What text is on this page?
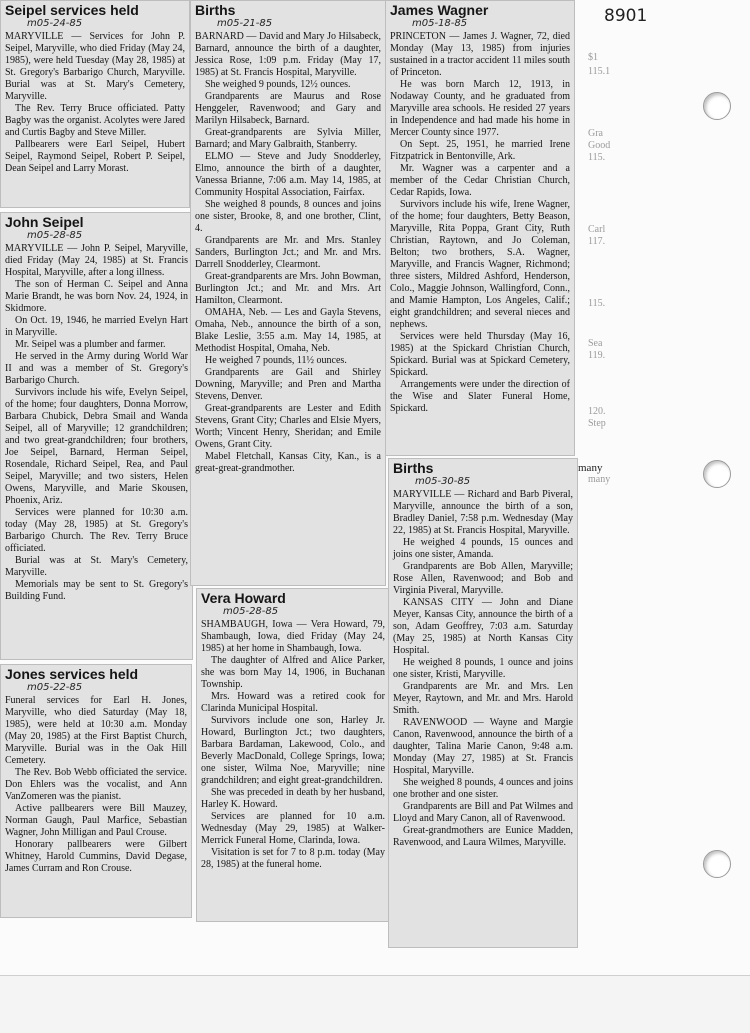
8901
$1
115.1
Gra
Good
115.
Carl
117.
115.
Sea
119.
120.
Step
many
Seipel services held
m05-24-85

MARYVILLE — Services for John P. Seipel, Maryville, who died Friday (May 24, 1985), were held Tuesday (May 28, 1985) at St. Gregory's Barbarigo Church, Maryville. Burial was at St. Mary's Cemetery, Maryville.

The Rev. Terry Bruce officiated. Patty Bagby was the organist. Acolytes were Jared and Curtis Bagby and Steve Miller.

Pallbearers were Earl Seipel, Hubert Seipel, Raymond Seipel, Robert P. Seipel, Dean Seipel and Larry Morast.

John Seipel
m05-28-85

MARYVILLE — John P. Seipel, Maryville, died Friday (May 24, 1985) at St. Francis Hospital, Maryville, after a long illness.

The son of Herman C. Seipel and Anna Marie Brandt, he was born Nov. 24, 1924, in Skidmore.

On Oct. 19, 1946, he married Evelyn Hart in Maryville.

Mr. Seipel was a plumber and farmer.

He served in the Army during World War II and was a member of St. Gregory's Barbarigo Church.

Survivors include his wife, Evelyn Seipel, of the home; four daughters, Donna Morrow, Barbara Chubick, Debra Smail and Wanda Seipel, all of Maryville; 12 grandchildren; and two great-grandchildren; four brothers, Joe Seipel, Barnard, Herman Seipel, Rosendale, Richard Seipel, Rea, and Paul Seipel, Maryville; and two sisters, Helen Owens, Maryville, and Marie Skousen, Phoenix, Ariz.

Services were planned for 10:30 a.m. today (May 28, 1985) at St. Gregory's Barbarigo Church. The Rev. Terry Bruce officiated.

Burial was at St. Mary's Cemetery, Maryville.

Memorials may be sent to St. Gregory's Building Fund.

Jones services held
m05-22-85

Funeral services for Earl H. Jones, Maryville, who died Saturday (May 18, 1985), were held at 10:30 a.m. Monday (May 20, 1985) at the First Baptist Church, Maryville. Burial was in the Oak Hill Cemetery.

The Rev. Bob Webb officiated the service. Don Ehlers was the vocalist, and Ann VanZomeren was the pianist.

Active pallbearers were Bill Mauzey, Norman Gaugh, Paul Marfice, Sebastian Wagner, John Milligan and Paul Crouse.

Honorary pallbearers were Gilbert Whitney, Harold Cummins, David Degase, James Curram and Ron Crouse.

Births
m05-21-85

BARNARD — David and Mary Jo Hilsabeck, Barnard, announce the birth of a daughter, Jessica Rose, 1:09 p.m. Friday (May 17, 1985) at St. Francis Hospital, Maryville.

She weighed 9 pounds, 12½ ounces.

Grandparents are Maurus and Rose Henggeler, Ravenwood; and Gary and Marilyn Hilsabeck, Barnard.

Great-grandparents are Sylvia Miller, Barnard; and Mary Galbraith, Stanberry.

ELMO — Steve and Judy Snodderley, Elmo, announce the birth of a daughter, Vanessa Brianne, 7:06 a.m. May 14, 1985, at Community Hospital Association, Fairfax.

She weighed 8 pounds, 8 ounces and joins one sister, Brooke, 8, and one brother, Clint, 4.

Grandparents are Mr. and Mrs. Stanley Sanders, Burlington Jct.; and Mr. and Mrs. Darrell Snodderley, Clearmont.

Great-grandparents are Mrs. John Bowman, Burlington Jct.; and Mr. and Mrs. Art Hamilton, Clearmont.

OMAHA, Neb. — Les and Gayla Stevens, Omaha, Neb., announce the birth of a son, Blake Leslie, 3:55 a.m. May 14, 1985, at Methodist Hospital, Omaha, Neb.

He weighed 7 pounds, 11½ ounces.

Grandparents are Gail and Shirley Downing, Maryville; and Pren and Martha Stevens, Denver.

Great-grandparents are Lester and Edith Stevens, Grant City; Charles and Elsie Myers, Worth; Vincent Henry, Sheridan; and Emile Owens, Grant City.

Mabel Fletchall, Kansas City, Kan., is a great-great-grandmother.

Vera Howard
m05-28-85

SHAMBAUGH, Iowa — Vera Howard, 79, Shambaugh, Iowa, died Friday (May 24, 1985) at her home in Shambaugh, Iowa.

The daughter of Alfred and Alice Parker, she was born May 14, 1906, in Buchanan Township.

Mrs. Howard was a retired cook for Clarinda Municipal Hospital.

Survivors include one son, Harley Jr. Howard, Burlington Jct.; two daughters, Barbara Bardaman, Lakewood, Colo., and Beverly MacDonald, College Springs, Iowa; one sister, Wilma Noe, Maryville; nine grandchildren; and eight great-grandchildren.

She was preceded in death by her husband, Harley K. Howard.

Services are planned for 10 a.m. Wednesday (May 29, 1985) at Walker-Merrick Funeral Home, Clarinda, Iowa.

Visitation is set for 7 to 8 p.m. today (May 28, 1985) at the funeral home.

James Wagner
m05-18-85

PRINCETON — James J. Wagner, 72, died Monday (May 13, 1985) from injuries sustained in a tractor accident 11 miles south of Princeton.

He was born March 12, 1913, in Nodaway County, and he graduated from Maryville area schools. He resided 27 years in Independence and had made his home in Mercer County since 1977.

On Sept. 25, 1951, he married Irene Fitzpatrick in Bentonville, Ark.

Mr. Wagner was a carpenter and a member of the Cedar Christian Church, Cedar Rapids, Iowa.

Survivors include his wife, Irene Wagner, of the home; four daughters, Betty Beason, Maryville, Rita Poppa, Grant City, Ruth Christian, Raytown, and Jo Coleman, Belton; two brothers, S.A. Wagner, Maryville, and Francis Wagner, Richmond; three sisters, Mildred Ashford, Henderson, Colo., Maggie Johnson, Wallingford, Conn., and Mamie Hampton, Los Angeles, Calif.; eight grandchildren; and several nieces and nephews.

Services were held Thursday (May 16, 1985) at the Spickard Christian Church, Spickard. Burial was at Spickard Cemetery, Spickard.

Arrangements were under the direction of the Wise and Slater Funeral Home, Spickard.

many
Births
m05-30-85

MARYVILLE — Richard and Barb Piveral, Maryville, announce the birth of a son, Bradley Daniel, 7:58 p.m. Wednesday (May 22, 1985) at St. Francis Hospital, Maryville.

He weighed 4 pounds, 15 ounces and joins one sister, Amanda.

Grandparents are Bob Allen, Maryville; Rose Allen, Ravenwood; and Bob and Virginia Piveral, Maryville.

KANSAS CITY — John and Diane Meyer, Kansas City, announce the birth of a son, Adam Geoffrey, 7:03 a.m. Saturday (May 25, 1985) at North Kansas City Hospital.

He weighed 8 pounds, 1 ounce and joins one sister, Kristi, Maryville.

Grandparents are Mr. and Mrs. Len Meyer, Raytown, and Mr. and Mrs. Harold Smith.

RAVENWOOD — Wayne and Margie Canon, Ravenwood, announce the birth of a daughter, Talina Marie Canon, 9:48 a.m. Monday (May 27, 1985) at St. Francis Hospital, Maryville.

She weighed 8 pounds, 4 ounces and joins one brother and one sister.

Grandparents are Bill and Pat Wilmes and Lloyd and Mary Canon, all of Ravenwood.

Great-grandmothers are Eunice Madden, Ravenwood, and Laura Wilmes, Maryville.
